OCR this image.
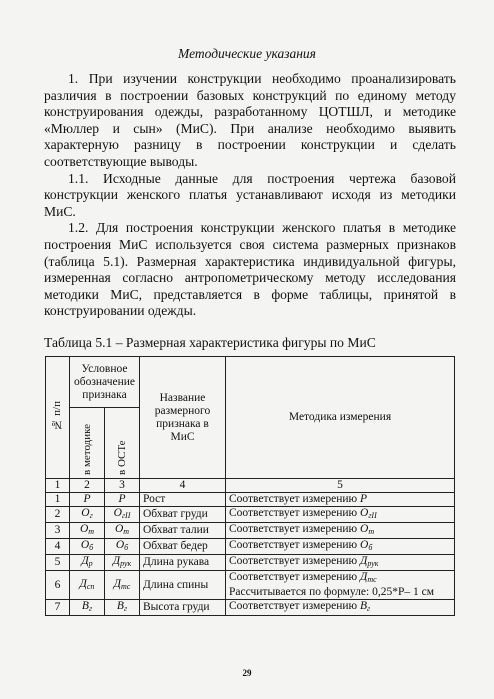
Методические указания

1. При изучении конструкции необходимо проанализировать различия в построении базовых конструкций по единому методу конструирования одежды, разработанному ЦОТШЛ, и методике «Мюллер и сын» (МиС). При анализе необходимо выявить характерную разницу в построении конструкции и сделать соответствующие выводы.

1.1. Исходные данные для построения чертежа базовой конструкции женского платья устанавливают исходя из методики МиС.

1.2. Для построения конструкции женского платья в методике построения МиС используется своя система размерных признаков (таблица 5.1). Размерная характеристика индивидуальной фигуры, измеренная согласно антропометрическому методу исследования методики МиС, представляется в форме таблицы, принятой в конструировании одежды.

Таблица 5.1 – Размерная характеристика фигуры по МиС
№ п/п	Условное обозначение признака		Название размерного признака в МиС	Методика измерения

	в методике	в ОСТе		

1	2	3	4	5
1	P	P	Рост	Соответствует измерению P
2	$O_г$	$O_{гII}$	Обхват груди	Соответствует измерению $O_{гII}$
3	$O_т$	$O_т$	Обхват талии	Соответствует измерению $O_т$
4	$O_б$	$O_б$	Обхват бедер	Соответствует измерению $O_б$
5	$Д_р$	$Д_{рук}$	Длина рукава	Соответствует измерению $Д_{рук}$
6	$Д_{сп}$	$Д_{тс}$	Длина спины	Соответствует измерению $Д_{тс}$
Рассчитывается по формуле: 0,25*P– 1 см

7	$B_г$	$B_г$	Высота груди	Соответствует измерению $B_г$
29
